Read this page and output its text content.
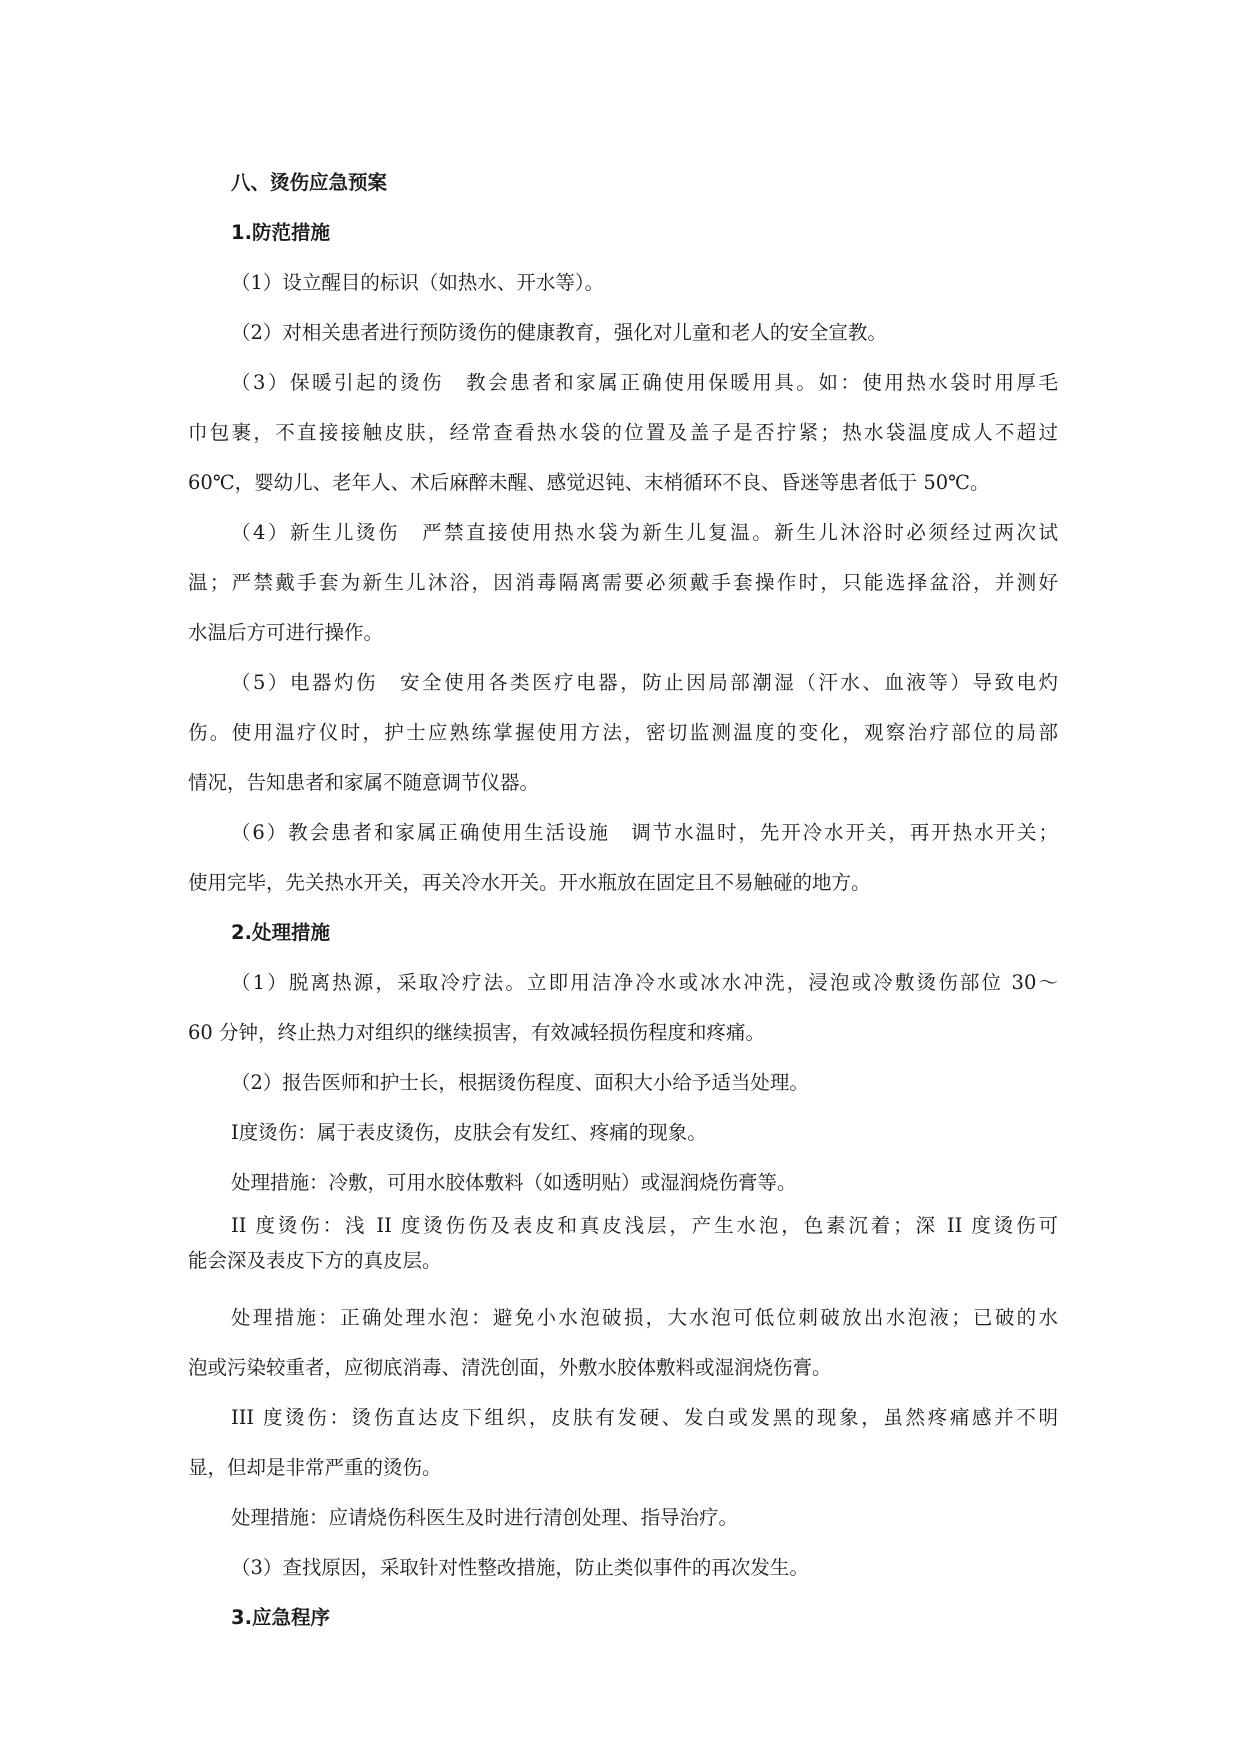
八、烫伤应急预案

1.防范措施

（1）设立醒目的标识（如热水、开水等）。

（2）对相关患者进行预防烫伤的健康教育，强化对儿童和老人的安全宣教。

（3）保暖引起的烫伤　教会患者和家属正确使用保暖用具。如：使用热水袋时用厚毛

巾包裹，不直接接触皮肤，经常查看热水袋的位置及盖子是否拧紧；热水袋温度成人不超过

60℃，婴幼儿、老年人、术后麻醉未醒、感觉迟钝、末梢循环不良、昏迷等患者低于 50℃。

（4）新生儿烫伤　严禁直接使用热水袋为新生儿复温。新生儿沐浴时必须经过两次试

温；严禁戴手套为新生儿沐浴，因消毒隔离需要必须戴手套操作时，只能选择盆浴，并测好

水温后方可进行操作。

（5）电器灼伤　安全使用各类医疗电器，防止因局部潮湿（汗水、血液等）导致电灼

伤。使用温疗仪时，护士应熟练掌握使用方法，密切监测温度的变化，观察治疗部位的局部

情况，告知患者和家属不随意调节仪器。

（6）教会患者和家属正确使用生活设施　调节水温时，先开冷水开关，再开热水开关；

使用完毕，先关热水开关，再关冷水开关。开水瓶放在固定且不易触碰的地方。

2.处理措施

（1）脱离热源，采取冷疗法。立即用洁净冷水或冰水冲洗，浸泡或冷敷烫伤部位 30～

60 分钟，终止热力对组织的继续损害，有效减轻损伤程度和疼痛。

（2）报告医师和护士长，根据烫伤程度、面积大小给予适当处理。

Ⅰ度烫伤：属于表皮烫伤，皮肤会有发红、疼痛的现象。

处理措施：冷敷，可用水胶体敷料（如透明贴）或湿润烧伤膏等。

II 度烫伤：浅 II 度烫伤伤及表皮和真皮浅层，产生水泡，色素沉着；深 II 度烫伤可

能会深及表皮下方的真皮层。

处理措施：正确处理水泡：避免小水泡破损，大水泡可低位刺破放出水泡液；已破的水

泡或污染较重者，应彻底消毒、清洗创面，外敷水胶体敷料或湿润烧伤膏。

III 度烫伤：烫伤直达皮下组织，皮肤有发硬、发白或发黑的现象，虽然疼痛感并不明

显，但却是非常严重的烫伤。

处理措施：应请烧伤科医生及时进行清创处理、指导治疗。

（3）查找原因，采取针对性整改措施，防止类似事件的再次发生。

3.应急程序
